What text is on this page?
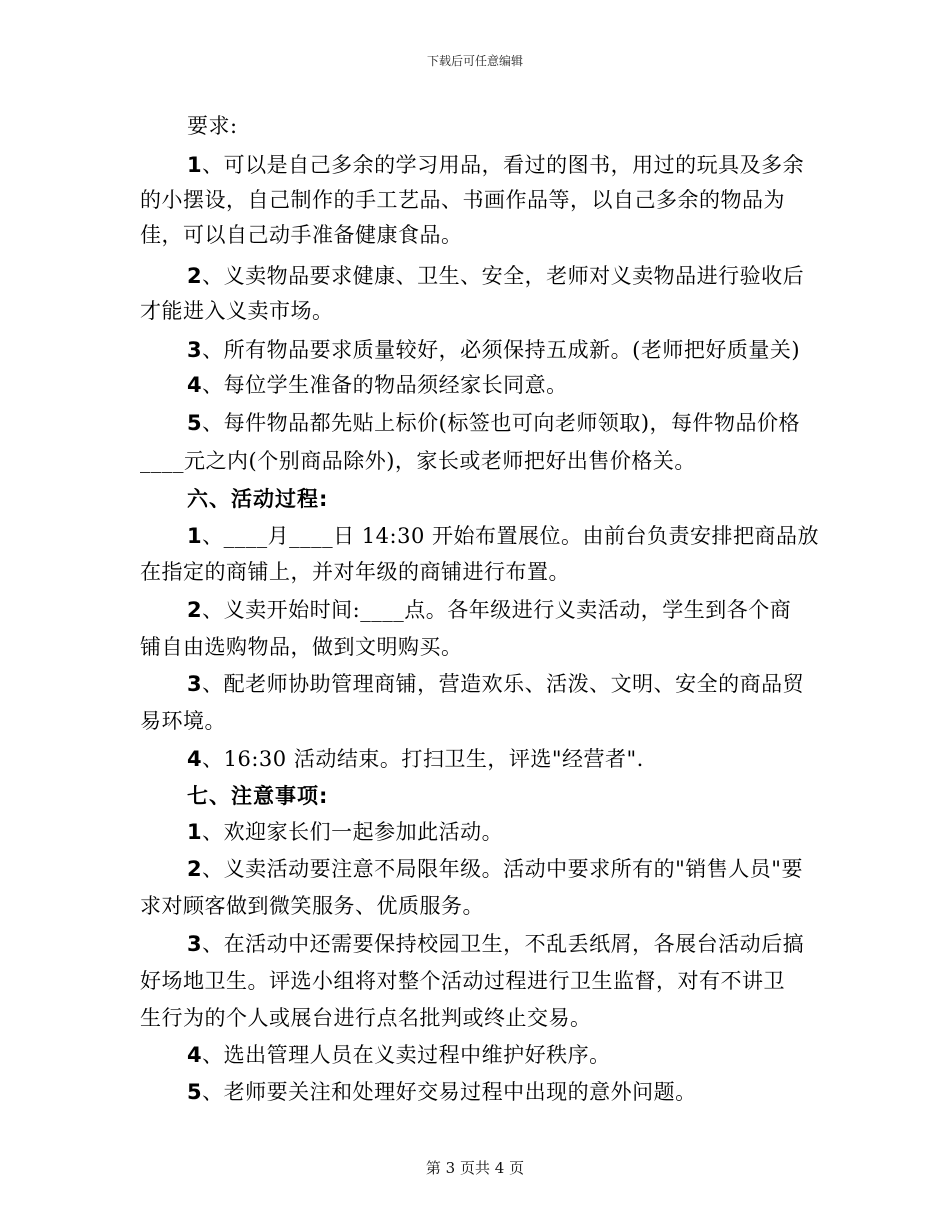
下载后可任意编辑
要求:
1、可以是自己多余的学习用品，看过的图书，用过的玩具及多余
的小摆设，自己制作的手工艺品、书画作品等，以自己多余的物品为
佳，可以自己动手准备健康食品。
2、义卖物品要求健康、卫生、安全，老师对义卖物品进行验收后
才能进入义卖市场。
3、所有物品要求质量较好，必须保持五成新。(老师把好质量关)
4、每位学生准备的物品须经家长同意。
5、每件物品都先贴上标价(标签也可向老师领取)，每件物品价格
____元之内(个别商品除外)，家长或老师把好出售价格关。
六、活动过程:
1、____月____日 14:30 开始布置展位。由前台负责安排把商品放
在指定的商铺上，并对年级的商铺进行布置。
2、义卖开始时间:____点。各年级进行义卖活动，学生到各个商
铺自由选购物品，做到文明购买。
3、配老师协助管理商铺，营造欢乐、活泼、文明、安全的商品贸
易环境。
4、16:30 活动结束。打扫卫生，评选"经营者".
七、注意事项:
1、欢迎家长们一起参加此活动。
2、义卖活动要注意不局限年级。活动中要求所有的"销售人员"要
求对顾客做到微笑服务、优质服务。
3、在活动中还需要保持校园卫生，不乱丢纸屑，各展台活动后搞
好场地卫生。评选小组将对整个活动过程进行卫生监督，对有不讲卫
生行为的个人或展台进行点名批判或终止交易。
4、选出管理人员在义卖过程中维护好秩序。
5、老师要关注和处理好交易过程中出现的意外问题。
第 3 页共 4 页
